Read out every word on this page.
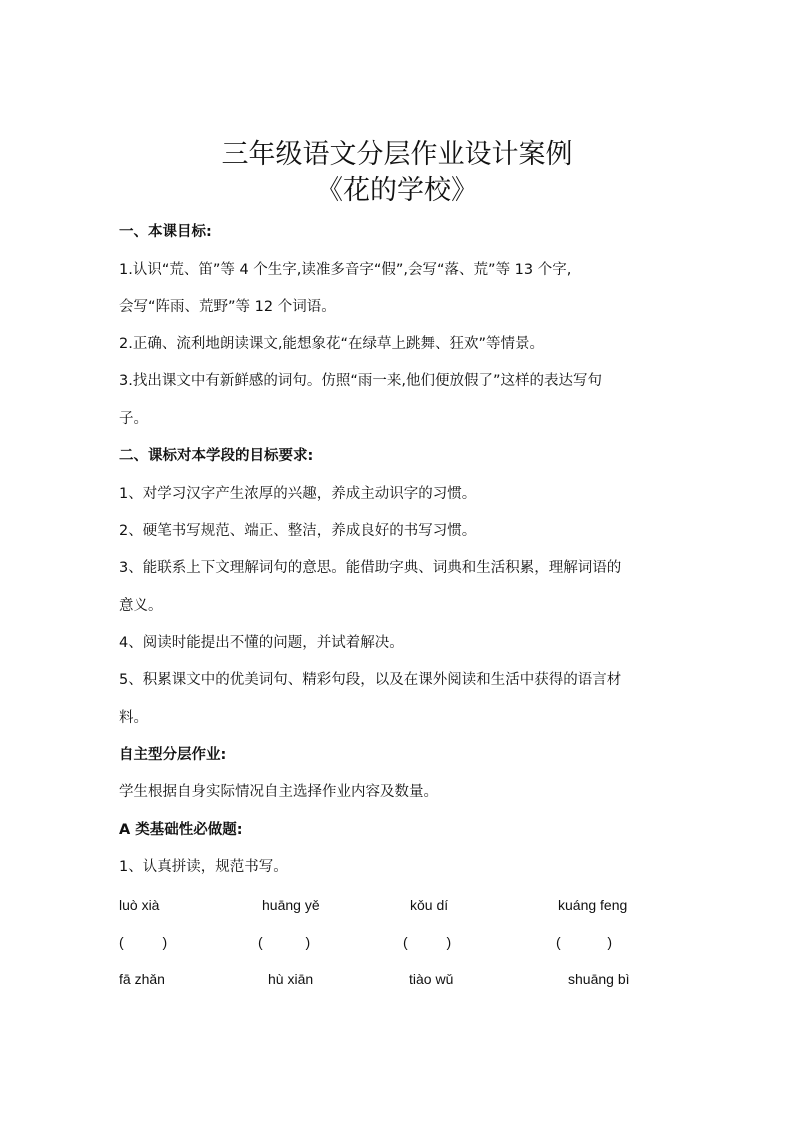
三年级语文分层作业设计案例
《花的学校》
一、本课目标:
1.认识“荒、笛”等 4 个生字,读准多音字“假”,会写“落、荒”等 13 个字,
会写“阵雨、荒野”等 12 个词语。
2.正确、流利地朗读课文,能想象花“在绿草上跳舞、狂欢”等情景。
3.找出课文中有新鲜感的词句。仿照“雨一来,他们便放假了”这样的表达写句
子。
二、课标对本学段的目标要求:
1、对学习汉字产生浓厚的兴趣，养成主动识字的习惯。
2、硬笔书写规范、端正、整洁，养成良好的书写习惯。
3、能联系上下文理解词句的意思。能借助字典、词典和生活积累，理解词语的
意义。
4、阅读时能提出不懂的问题，并试着解决。
5、积累课文中的优美词句、精彩句段，以及在课外阅读和生活中获得的语言材
料。
自主型分层作业:
学生根据自身实际情况自主选择作业内容及数量。
A 类基础性必做题:
1、认真拼读，规范书写。
luò xià	huāng yě	kǒu dí	kuáng feng
(          )	(           )	(          )	(            )
fā zhǎn	hù xiān	tiào wǔ	shuāng bì
